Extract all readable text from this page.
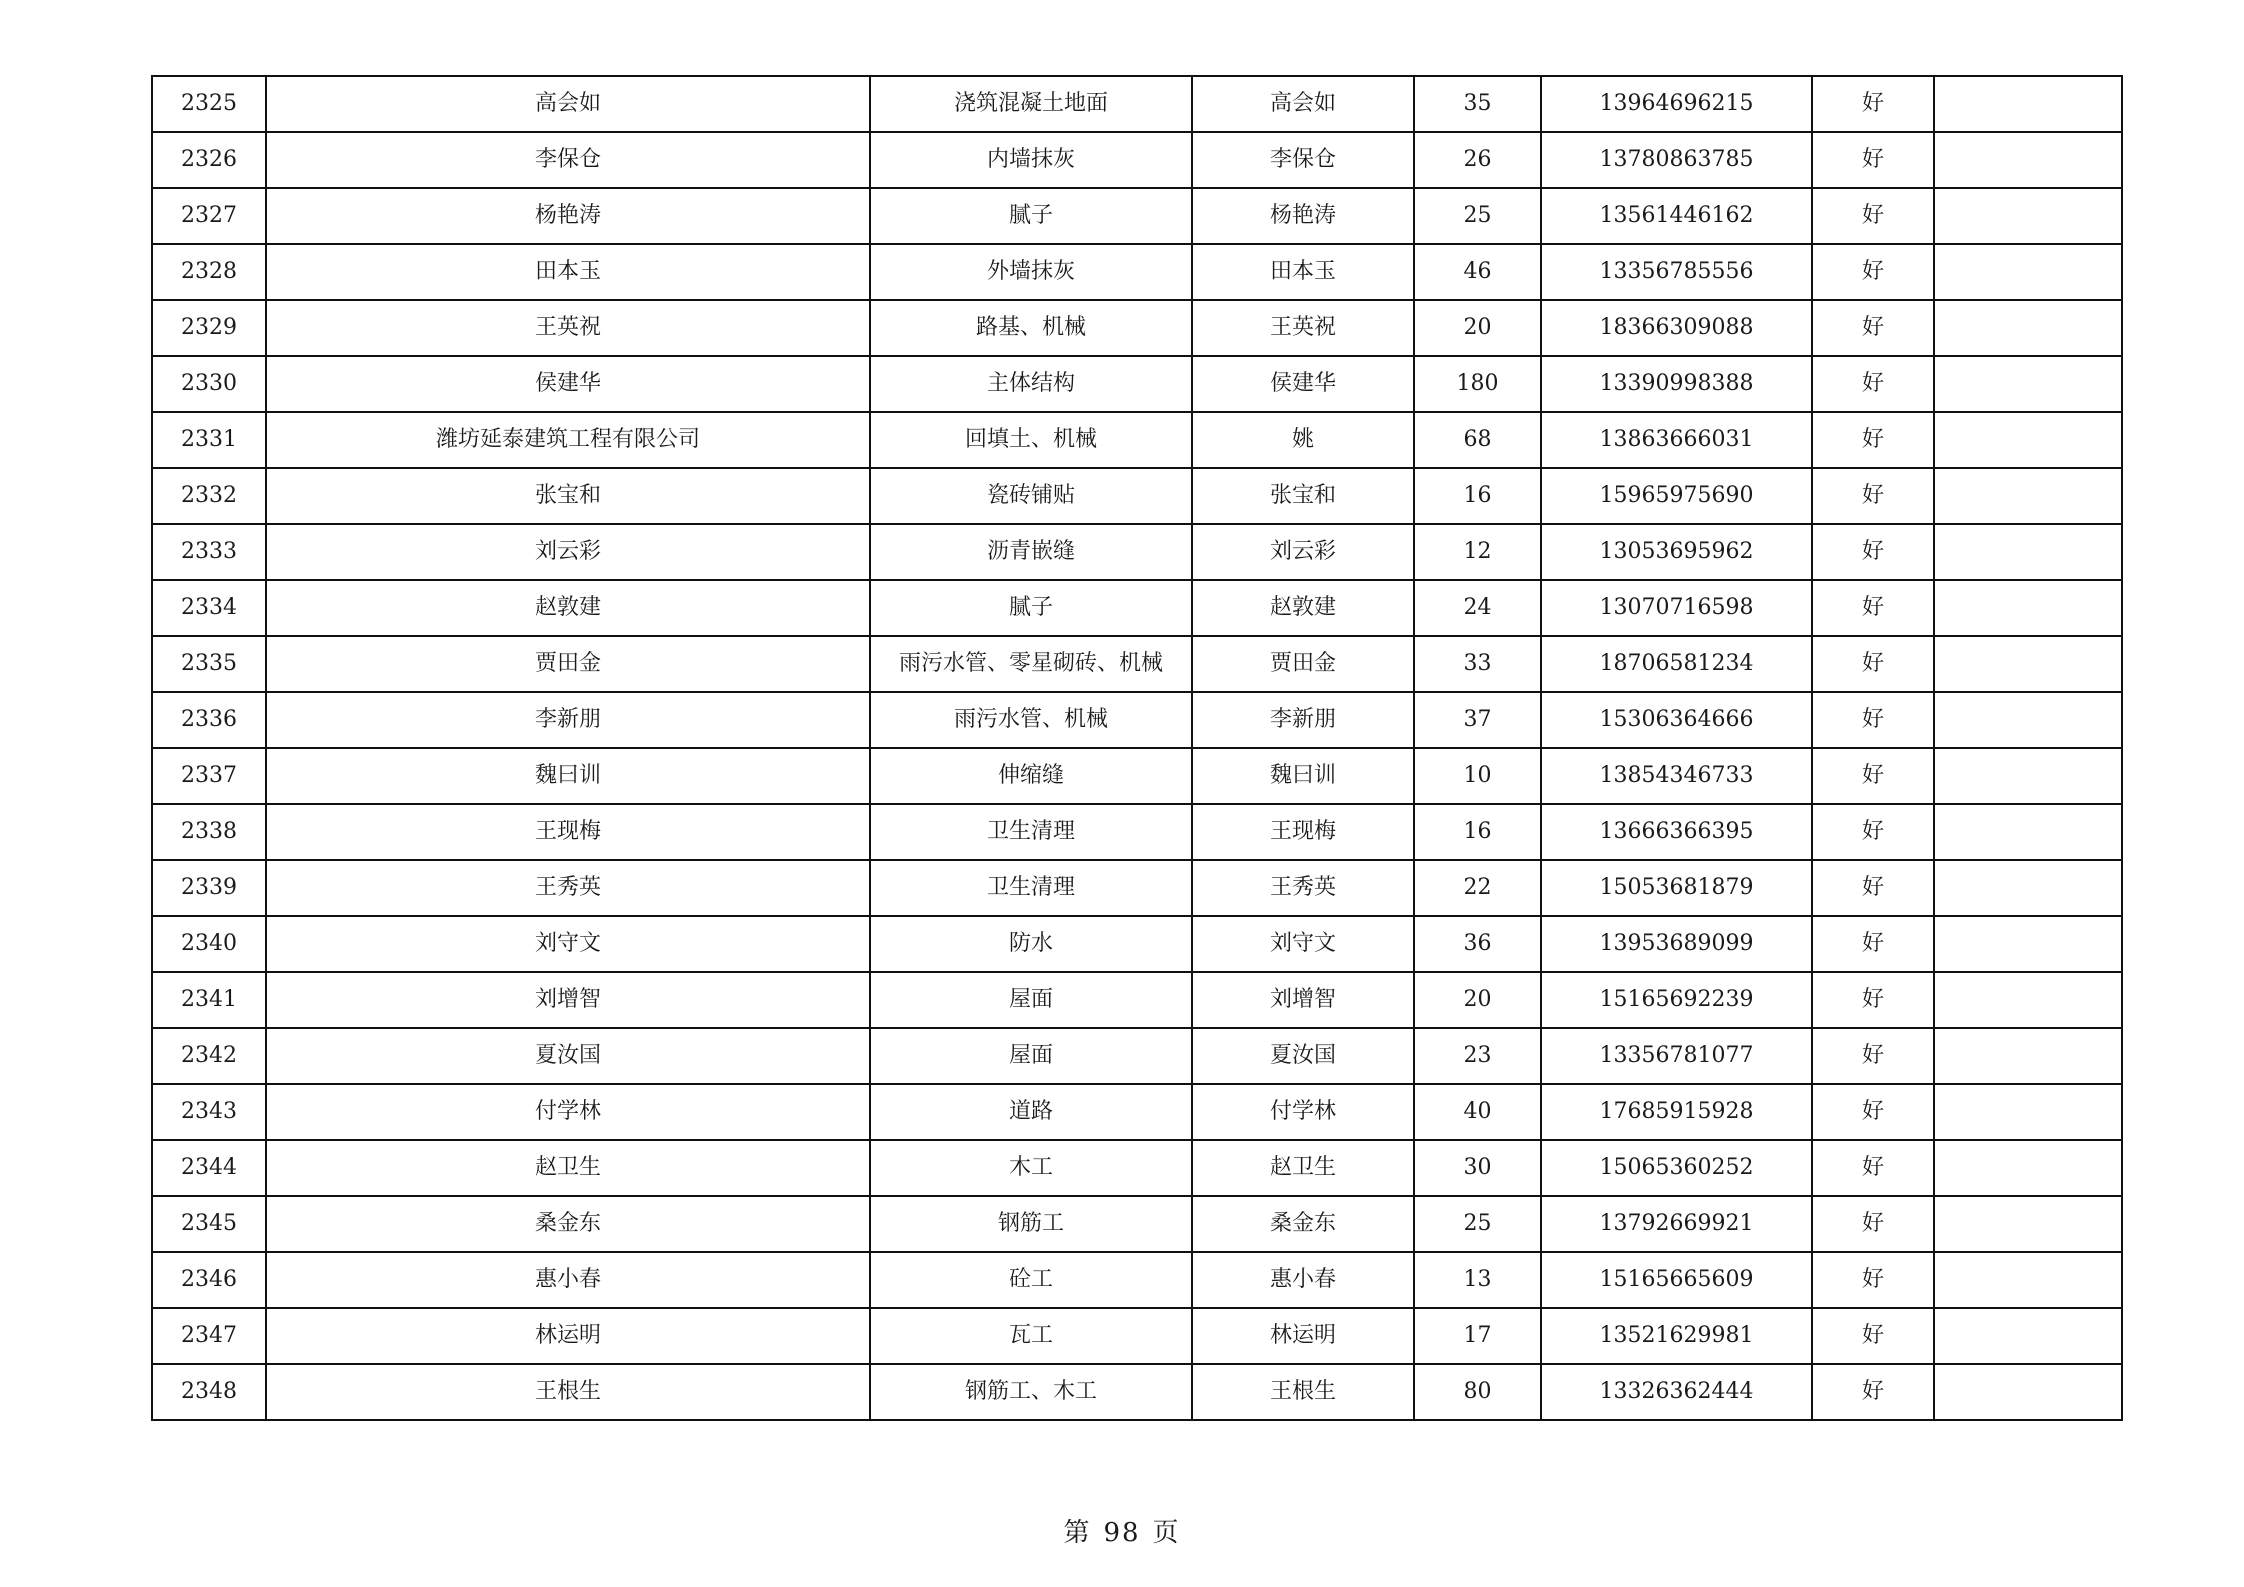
2325	高会如	浇筑混凝土地面	高会如	35	13964696215	好	
2326	李保仓	内墙抹灰	李保仓	26	13780863785	好	
2327	杨艳涛	腻子	杨艳涛	25	13561446162	好	
2328	田本玉	外墙抹灰	田本玉	46	13356785556	好	
2329	王英祝	路基、机械	王英祝	20	18366309088	好	
2330	侯建华	主体结构	侯建华	180	13390998388	好	
2331	潍坊延泰建筑工程有限公司	回填土、机械	姚	68	13863666031	好	
2332	张宝和	瓷砖铺贴	张宝和	16	15965975690	好	
2333	刘云彩	沥青嵌缝	刘云彩	12	13053695962	好	
2334	赵敦建	腻子	赵敦建	24	13070716598	好	
2335	贾田金	雨污水管、零星砌砖、机械	贾田金	33	18706581234	好	
2336	李新朋	雨污水管、机械	李新朋	37	15306364666	好	
2337	魏曰训	伸缩缝	魏曰训	10	13854346733	好	
2338	王现梅	卫生清理	王现梅	16	13666366395	好	
2339	王秀英	卫生清理	王秀英	22	15053681879	好	
2340	刘守文	防水	刘守文	36	13953689099	好	
2341	刘增智	屋面	刘增智	20	15165692239	好	
2342	夏汝国	屋面	夏汝国	23	13356781077	好	
2343	付学林	道路	付学林	40	17685915928	好	
2344	赵卫生	木工	赵卫生	30	15065360252	好	
2345	桑金东	钢筋工	桑金东	25	13792669921	好	
2346	惠小春	砼工	惠小春	13	15165665609	好	
2347	林运明	瓦工	林运明	17	13521629981	好	
2348	王根生	钢筋工、木工	王根生	80	13326362444	好	
第 98 页
